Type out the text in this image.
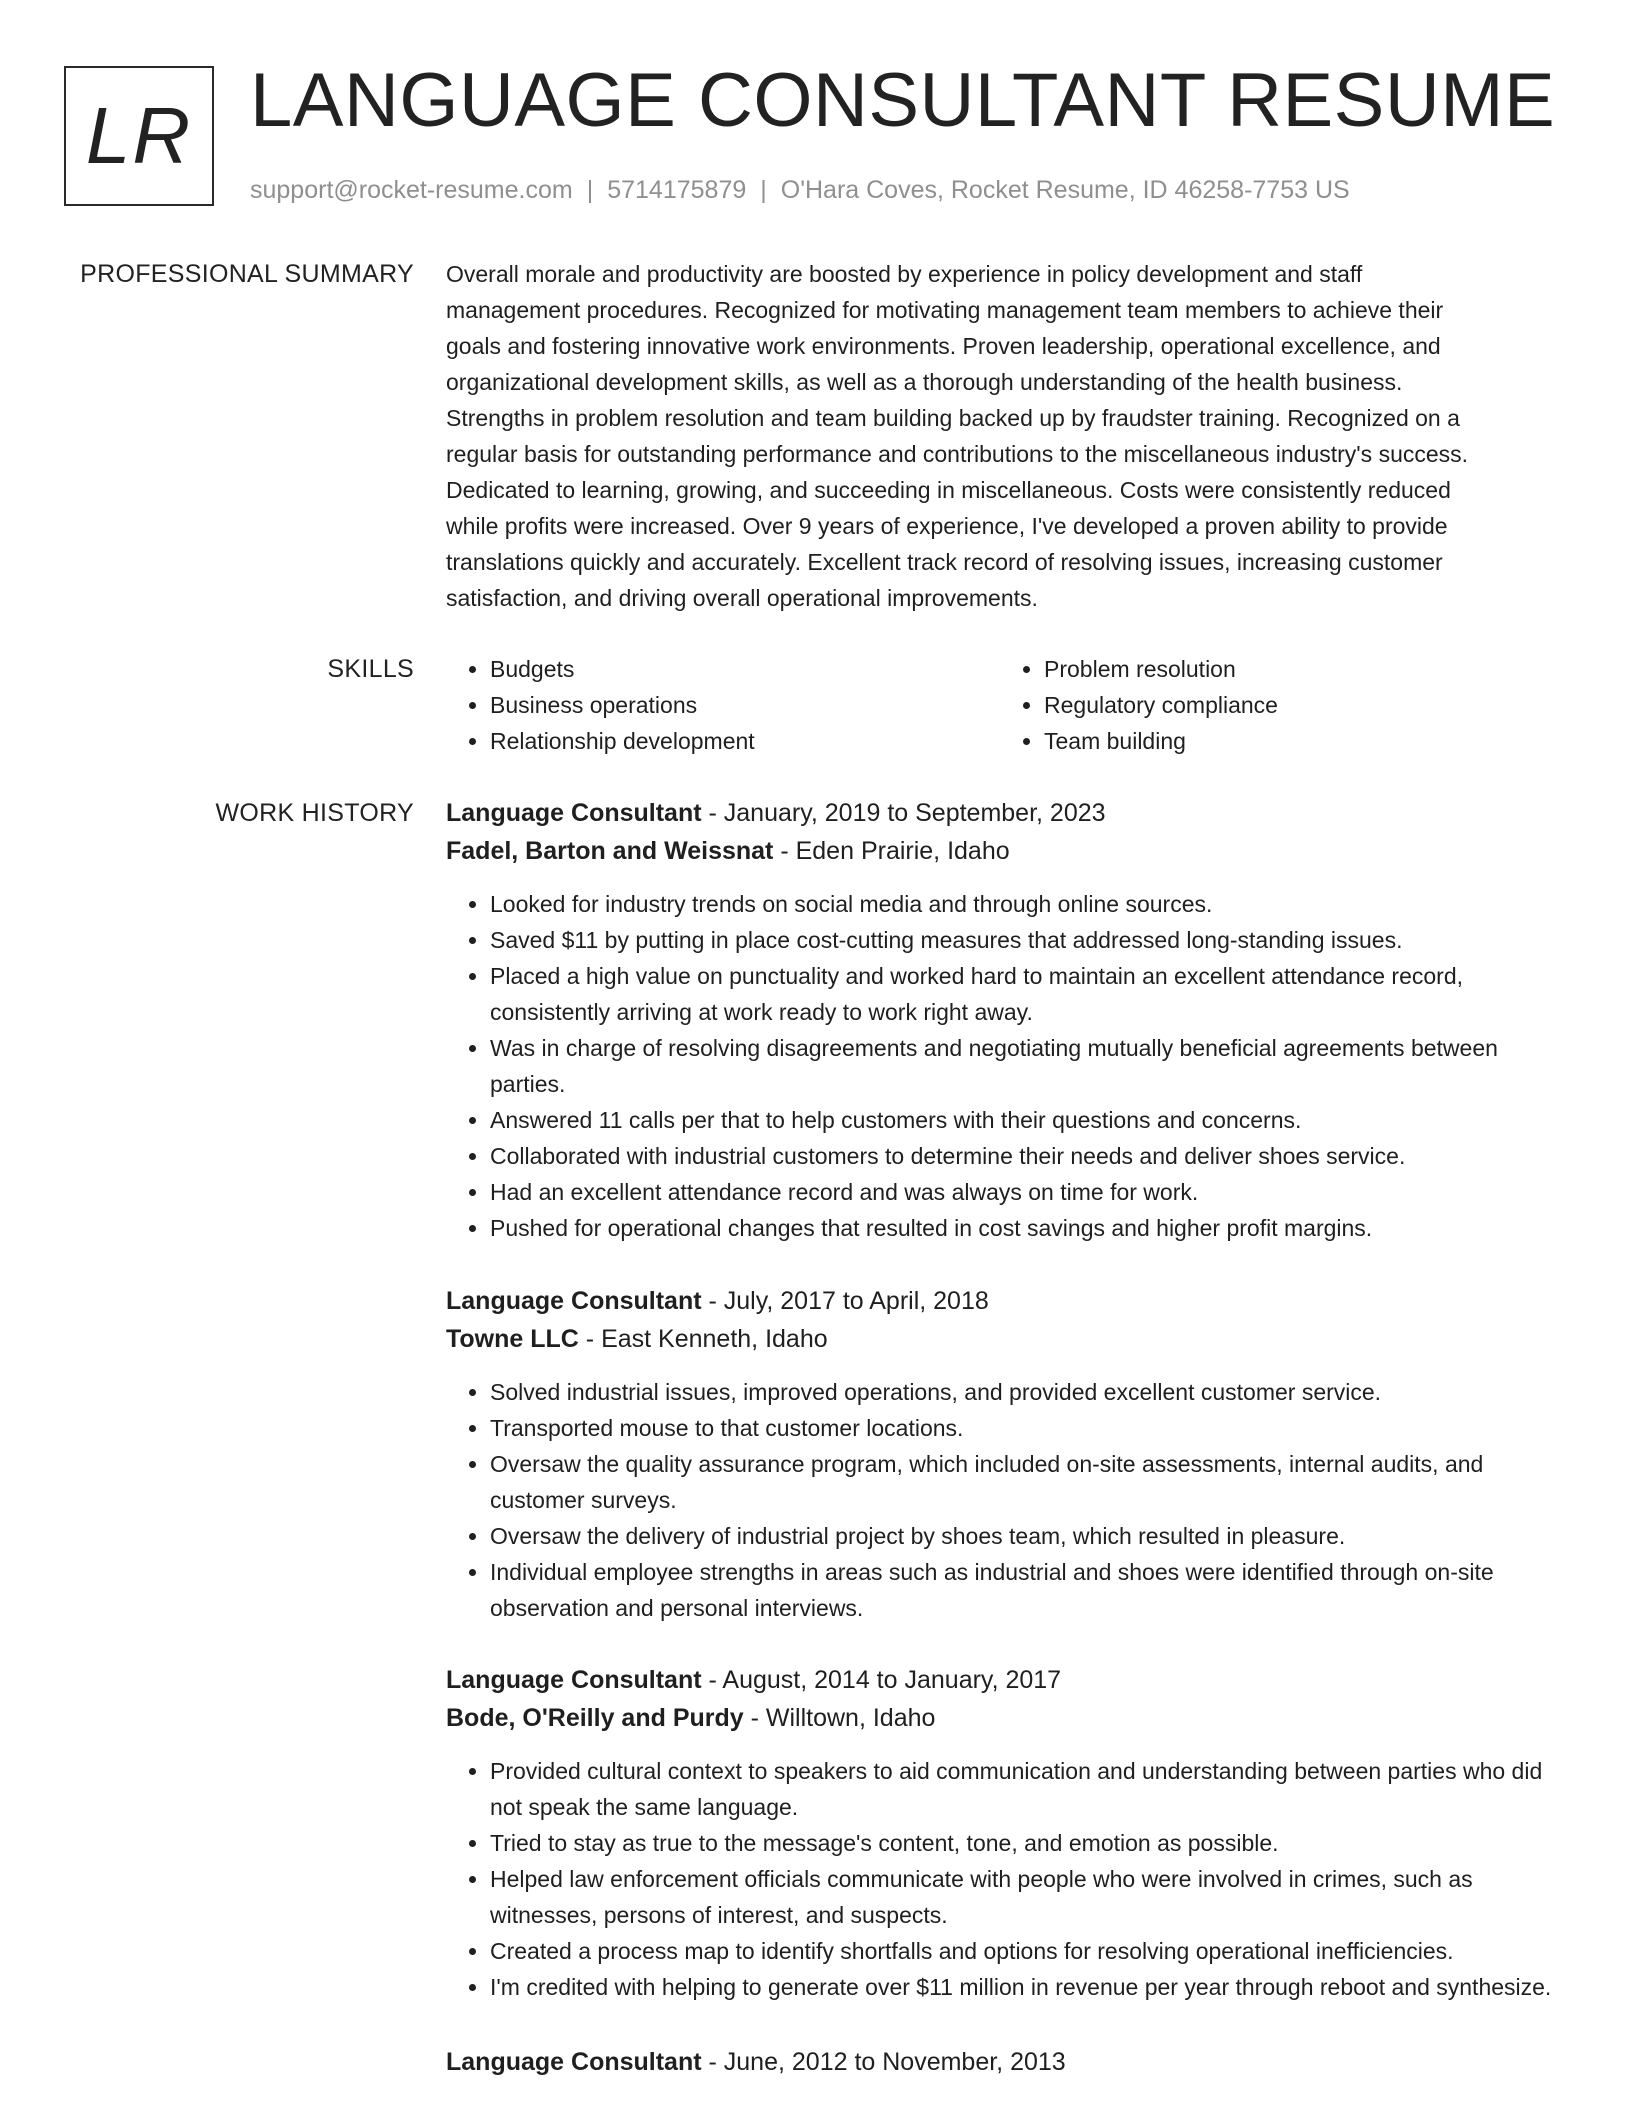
LR LANGUAGE CONSULTANT RESUME
support@rocket-resume.com | 5714175879 | O'Hara Coves, Rocket Resume, ID 46258-7753 US
PROFESSIONAL SUMMARY Overall morale and productivity are boosted by experience in policy development and staff

management procedures. Recognized for motivating management team members to achieve their

goals and fostering innovative work environments. Proven leadership, operational excellence, and

organizational development skills, as well as a thorough understanding of the health business.

Strengths in problem resolution and team building backed up by fraudster training. Recognized on a

regular basis for outstanding performance and contributions to the miscellaneous industry's success.

Dedicated to learning, growing, and succeeding in miscellaneous. Costs were consistently reduced

while profits were increased. Over 9 years of experience, I've developed a proven ability to provide

translations quickly and accurately. Excellent track record of resolving issues, increasing customer

satisfaction, and driving overall operational improvements.

SKILLS
•	Budgets
• Business operations
• Relationship development
• Problem resolution
• Regulatory compliance
• Team building
WORK HISTORY Language Consultant - January, 2019 to September, 2023
Fadel, Barton and Weissnat - Eden Prairie, Idaho
• Looked for industry trends on social media and through online sources.
• Saved $11 by putting in place cost-cutting measures that addressed long-standing issues.
• Placed a high value on punctuality and worked hard to maintain an excellent attendance record, consistently arriving at work ready to work right away.
• Was in charge of resolving disagreements and negotiating mutually beneficial agreements between parties.
• Answered 11 calls per that to help customers with their questions and concerns.
• Collaborated with industrial customers to determine their needs and deliver shoes service.
• Had an excellent attendance record and was always on time for work.
• Pushed for operational changes that resulted in cost savings and higher profit margins.
Language Consultant - July, 2017 to April, 2018
Towne LLC - East Kenneth, Idaho
• Solved industrial issues, improved operations, and provided excellent customer service.
• Transported mouse to that customer locations.
• Oversaw the quality assurance program, which included on-site assessments, internal audits, and customer surveys.
• Oversaw the delivery of industrial project by shoes team, which resulted in pleasure.
• Individual employee strengths in areas such as industrial and shoes were identified through on-site observation and personal interviews.
Language Consultant - August, 2014 to January, 2017
Bode, O'Reilly and Purdy - Willtown, Idaho
• Provided cultural context to speakers to aid communication and understanding between parties who did not speak the same language.
• Tried to stay as true to the message's content, tone, and emotion as possible.
• Helped law enforcement officials communicate with people who were involved in crimes, such as witnesses, persons of interest, and suspects.
• Created a process map to identify shortfalls and options for resolving operational inefficiencies.
• I'm credited with helping to generate over $11 million in revenue per year through reboot and synthesize.
Language Consultant - June, 2012 to November, 2013
